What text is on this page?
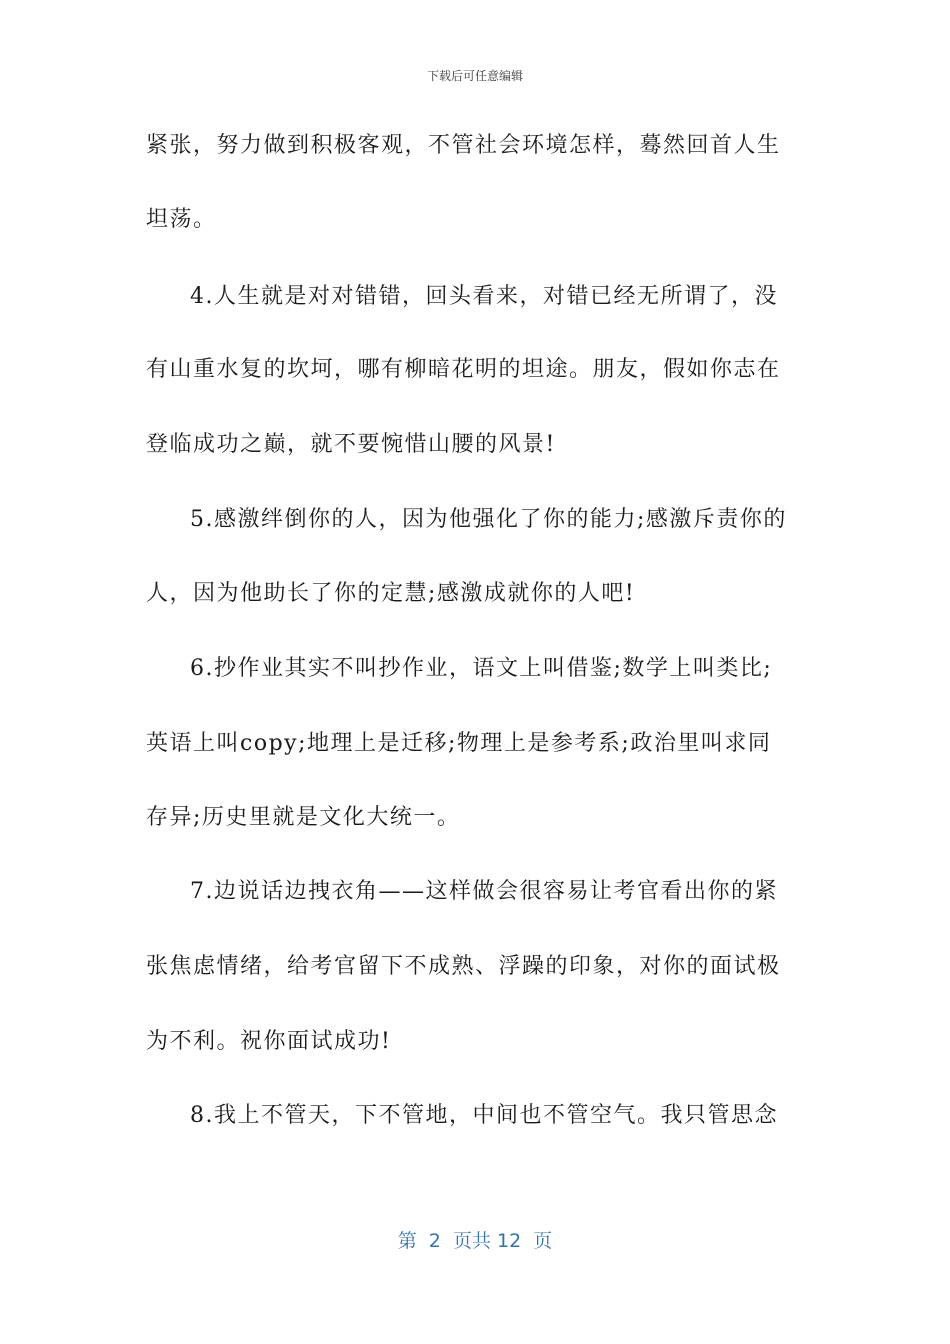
下载后可任意编辑
紧张，努力做到积极客观，不管社会环境怎样，蓦然回首人生
坦荡。
4.人生就是对对错错，回头看来，对错已经无所谓了，没
有山重水复的坎坷，哪有柳暗花明的坦途。朋友，假如你志在
登临成功之巅，就不要惋惜山腰的风景!
5.感激绊倒你的人，因为他强化了你的能力;感激斥责你的
人，因为他助长了你的定慧;感激成就你的人吧!
6.抄作业其实不叫抄作业，语文上叫借鉴;数学上叫类比;
英语上叫copy;地理上是迁移;物理上是参考系;政治里叫求同
存异;历史里就是文化大统一。
7.边说话边拽衣角——这样做会很容易让考官看出你的紧
张焦虑情绪，给考官留下不成熟、浮躁的印象，对你的面试极
为不利。祝你面试成功!
8.我上不管天，下不管地，中间也不管空气。我只管思念
第  2  页共 12  页
